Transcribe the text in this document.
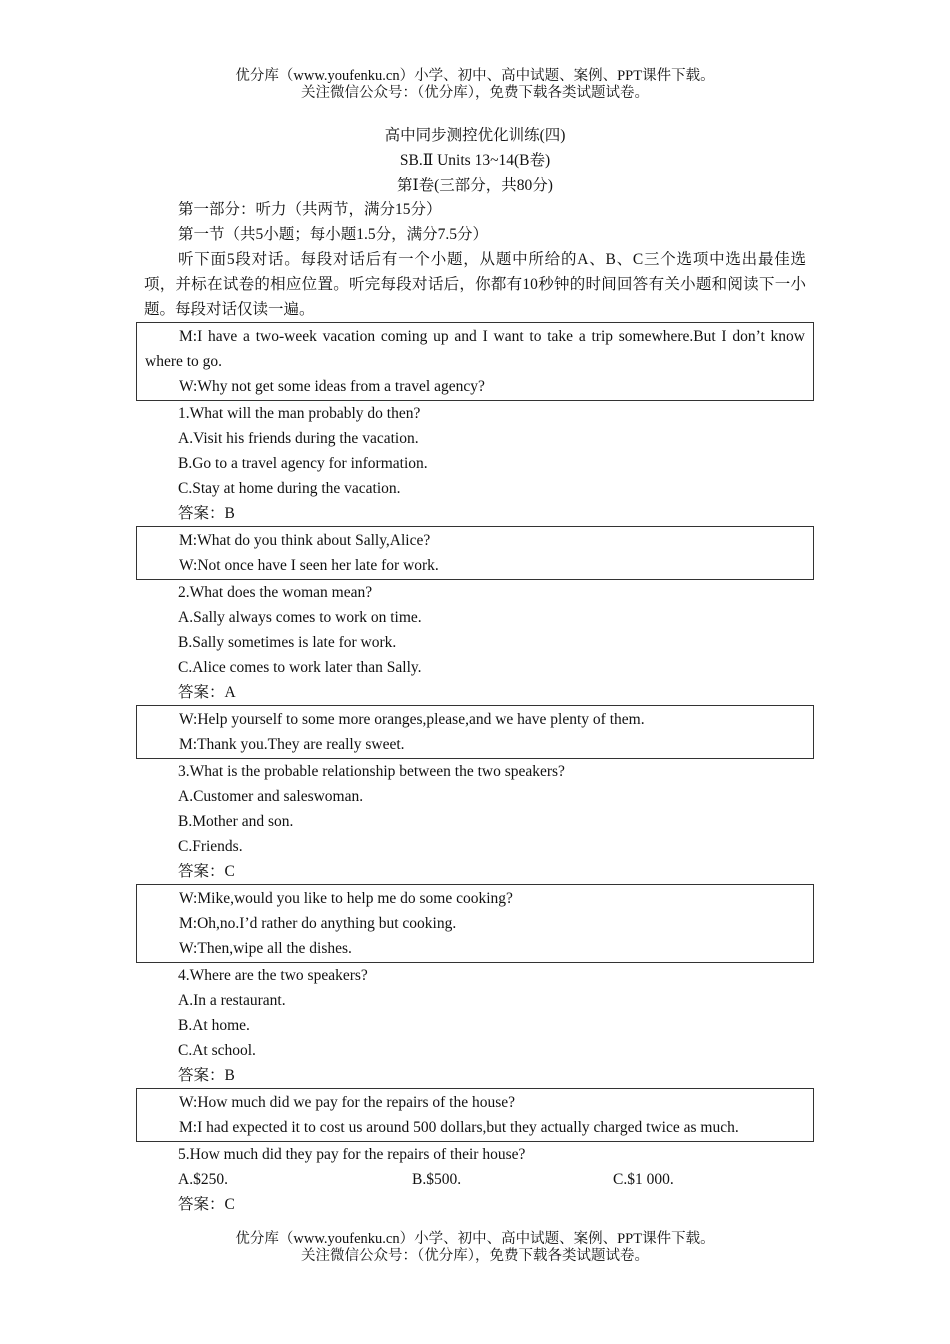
优分库（www.youfenku.cn）小学、初中、高中试题、案例、PPT课件下载。
关注微信公众号：（优分库），免费下载各类试题试卷。
高中同步测控优化训练(四)
SB.Ⅱ Units 13~14(B卷)
第Ⅰ卷(三部分，共80分)
第一部分：听力（共两节，满分15分）
第一节（共5小题；每小题1.5分，满分7.5分）
听下面5段对话。每段对话后有一个小题，从题中所给的A、B、C三个选项中选出最佳选项，并标在试卷的相应位置。听完每段对话后，你都有10秒钟的时间回答有关小题和阅读下一小题。每段对话仅读一遍。
M:I have a two-week vacation coming up and I want to take a trip somewhere.But I don’t know where to go.
W:Why not get some ideas from a travel agency?
1.What will the man probably do then?
A.Visit his friends during the vacation.
B.Go to a travel agency for information.
C.Stay at home during the vacation.
答案：B
M:What do you think about Sally,Alice?
W:Not once have I seen her late for work.
2.What does the woman mean?
A.Sally always comes to work on time.
B.Sally sometimes is late for work.
C.Alice comes to work later than Sally.
答案：A
W:Help yourself to some more oranges,please,and we have plenty of them.
M:Thank you.They are really sweet.
3.What is the probable relationship between the two speakers?
A.Customer and saleswoman.
B.Mother and son.
C.Friends.
答案：C
W:Mike,would you like to help me do some cooking?
M:Oh,no.I’d rather do anything but cooking.
W:Then,wipe all the dishes.
4.Where are the two speakers?
A.In a restaurant.
B.At home.
C.At school.
答案：B
W:How much did we pay for the repairs of the house?
M:I had expected it to cost us around 500 dollars,but they actually charged twice as much.
5.How much did they pay for the repairs of their house?
A.$250.	B.$500.	C.$1 000.
答案：C
优分库（www.youfenku.cn）小学、初中、高中试题、案例、PPT课件下载。
关注微信公众号：（优分库），免费下载各类试题试卷。
